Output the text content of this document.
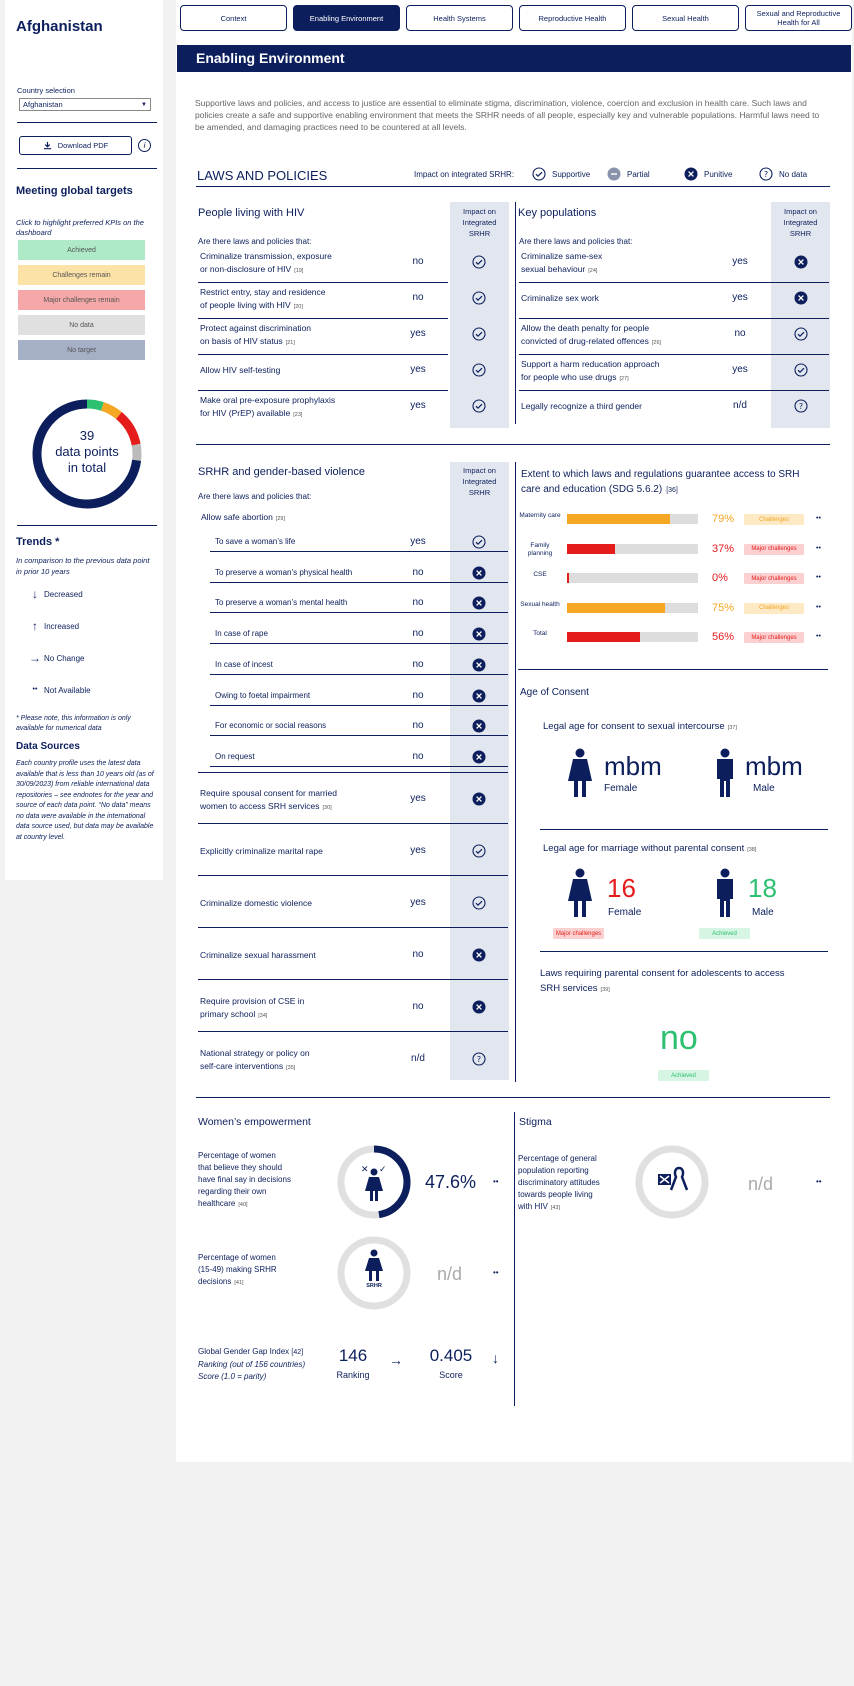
Afghanistan
Country selection
Afghanistan	▼
Download PDF	i
Meeting global targets
Click to highlight preferred KPIs on the dashboard
Achieved
Challenges remain
Major challenges remain
No data
No target
39
data points
in total
Trends *
In comparison to the previous data point in prior 10 years
↓ Decreased
↑ Increased
→ No Change
•• Not Available
* Please note, this information is only available for numerical data
Data Sources
Each country profile uses the latest data available that is less than 10 years old (as of 30/09/2023) from reliable international data repositories – see endnotes for the year and source of each data point. “No data” means no data were available in the international data source used, but data may be available at country level.
Context	Enabling Environment	Health Systems	Reproductive Health	Sexual Health	Sexual and Reproductive Health for All
Enabling Environment
Supportive laws and policies, and access to justice are essential to eliminate stigma, discrimination, violence, coercion and exclusion in health care. Such laws and policies create a safe and supportive enabling environment that meets the SRHR needs of all people, especially key and vulnerable populations. Harmful laws need to be amended, and damaging practices need to be countered at all levels.
LAWS AND POLICIES	Impact on integrated SRHR:	Supportive	Partial	Punitive	? No data
People living with HIV	Key populations
Impact on
Integrated
SRHR
Impact on
Integrated
SRHR
Are there laws and policies that:	Are there laws and policies that:
Criminalize transmission, exposure
or non-disclosure of HIV [19]
no
Restrict entry, stay and residence
of people living with HIV [20]
no
Protect against discrimination
on basis of HIV status [21]
yes
Allow HIV self-testing	yes
Make oral pre-exposure prophylaxis
for HIV (PrEP) available [23]
yes
Criminalize same-sex
sexual behaviour [24]
yes
Criminalize sex work	yes
Allow the death penalty for people
convicted of drug-related offences [26]
no
Support a harm reducation approach
for people who use drugs [27]
yes
Legally recognize a third gender	n/d	?
SRHR and gender-based violence	Impact on
Integrated
SRHR
Are there laws and policies that:
Allow safe abortion [29]
To save a woman’s life	yes
To preserve a woman’s physical health	no
To preserve a woman’s mental health	no
In case of rape	no
In case of incest	no
Owing to foetal impairment	no
For economic or social reasons	no
On request	no
Require spousal consent for married
women to access SRH services [30]
yes
Explicitly criminalize marital rape	yes
Criminalize domestic violence	yes
Criminalize sexual harassment	no
Require provision of CSE in
primary school [34]
no
National strategy or policy on
self-care interventions [35]
n/d	?
Extent to which laws and regulations guarantee access to SRH care and education (SDG 5.6.2) [36]
Maternity care	79%	Challenges	••
Family planning	37%	Major challenges	••
CSE	0%	Major challenges	••
Sexual health	75%	Challenges	••
Total	56%	Major challenges	••
Age of Consent
Legal age for consent to sexual intercourse [37]
mbm
Female
mbm
Male
Legal age for marriage without parental consent [38]
16
Female
Major challenges
18
Male
Achieved
Laws requiring parental consent for adolescents to access
SRH services [39]
no
Achieved
Women’s empowerment
Percentage of women
that believe they should
have final say in decisions
regarding their own
healthcare [40]
✕ ✓
47.6% ••
Percentage of women
(15-49) making SRHR
decisions [41]	SRHR
n/d	••
Global Gender Gap Index [42]
Ranking (out of 156 countries)
Score (1.0 = parity)
146
Ranking
→	0.405
Score
↓
Stigma
Percentage of general
population reporting
discriminatory attitudes
towards people living
with HIV [43]
n/d	••
